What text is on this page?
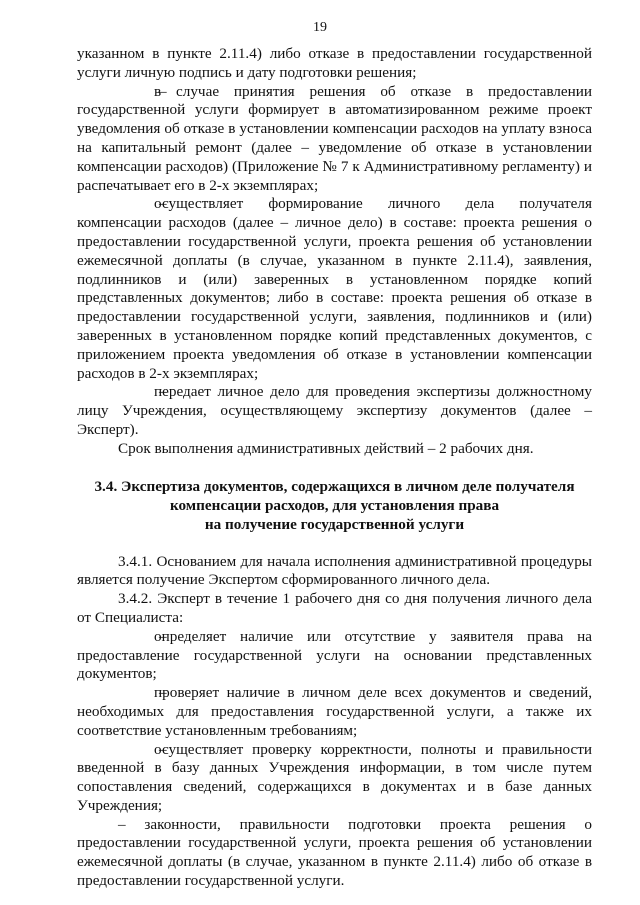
19

указанном в пункте 2.11.4) либо отказе в предоставлении государственной услуги личную подпись и дату подготовки решения;

– в случае принятия решения об отказе в предоставлении государственной услуги формирует в автоматизированном режиме проект уведомления об отказе в установлении компенсации расходов на уплату взноса на капитальный ремонт (далее – уведомление об отказе в установлении компенсации расходов) (Приложение № 7 к Административному регламенту) и распечатывает его в 2-х экземплярах;

– осуществляет формирование личного дела получателя компенсации расходов (далее – личное дело) в составе: проекта решения о предоставлении государственной услуги, проекта решения об установлении ежемесячной доплаты (в случае, указанном в пункте 2.11.4), заявления, подлинников и (или) заверенных в установленном порядке копий представленных документов; либо в составе: проекта решения об отказе в предоставлении государственной услуги, заявления, подлинников и (или) заверенных в установленном порядке копий представленных документов, с приложением проекта уведомления об отказе в установлении компенсации расходов в 2-х экземплярах;

– передает личное дело для проведения экспертизы должностному лицу Учреждения, осуществляющему экспертизу документов (далее – Эксперт).

Срок выполнения административных действий – 2 рабочих дня.

3.4. Экспертиза документов, содержащихся в личном деле получателя
компенсации расходов, для установления права
на получение государственной услуги

3.4.1. Основанием для начала исполнения административной процедуры является получение Экспертом сформированного личного дела.

3.4.2. Эксперт в течение 1 рабочего дня со дня получения личного дела от Специалиста:

– определяет наличие или отсутствие у заявителя права на предоставление государственной услуги на основании представленных документов;

– проверяет наличие в личном деле всех документов и сведений, необходимых для предоставления государственной услуги, а также их соответствие установленным требованиям;

– осуществляет проверку корректности, полноты и правильности введенной в базу данных Учреждения информации, в том числе путем сопоставления сведений, содержащихся в документах и в базе данных Учреждения;

– законности, правильности подготовки проекта решения о предоставлении государственной услуги, проекта решения об установлении ежемесячной доплаты (в случае, указанном в пункте 2.11.4) либо об отказе в предоставлении государственной услуги.
